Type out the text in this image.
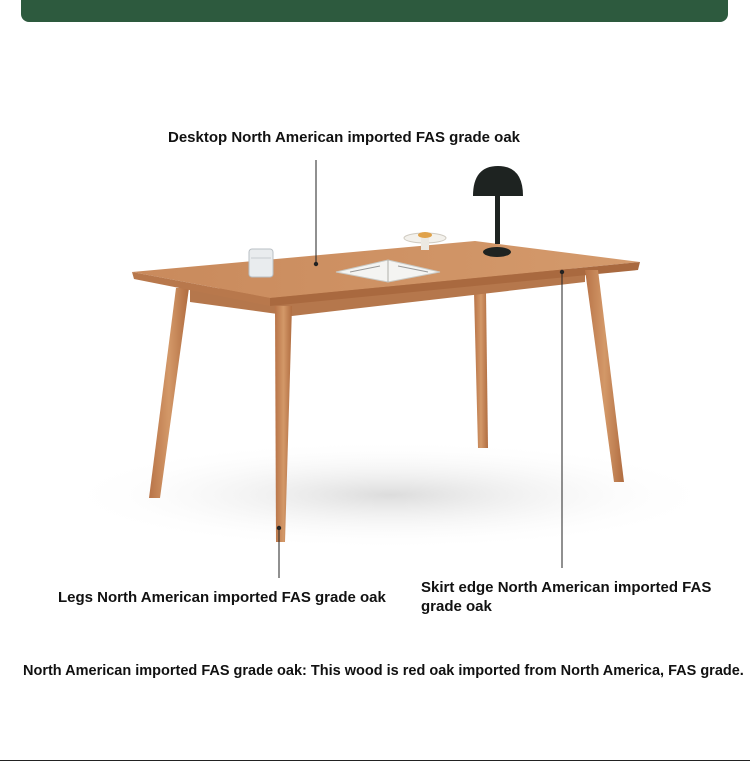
Desktop North American imported FAS grade oak
Legs North American imported FAS grade oak
Skirt edge North American imported FAS grade oak
North American imported FAS grade oak: This wood is red oak imported from North America, FAS grade.
